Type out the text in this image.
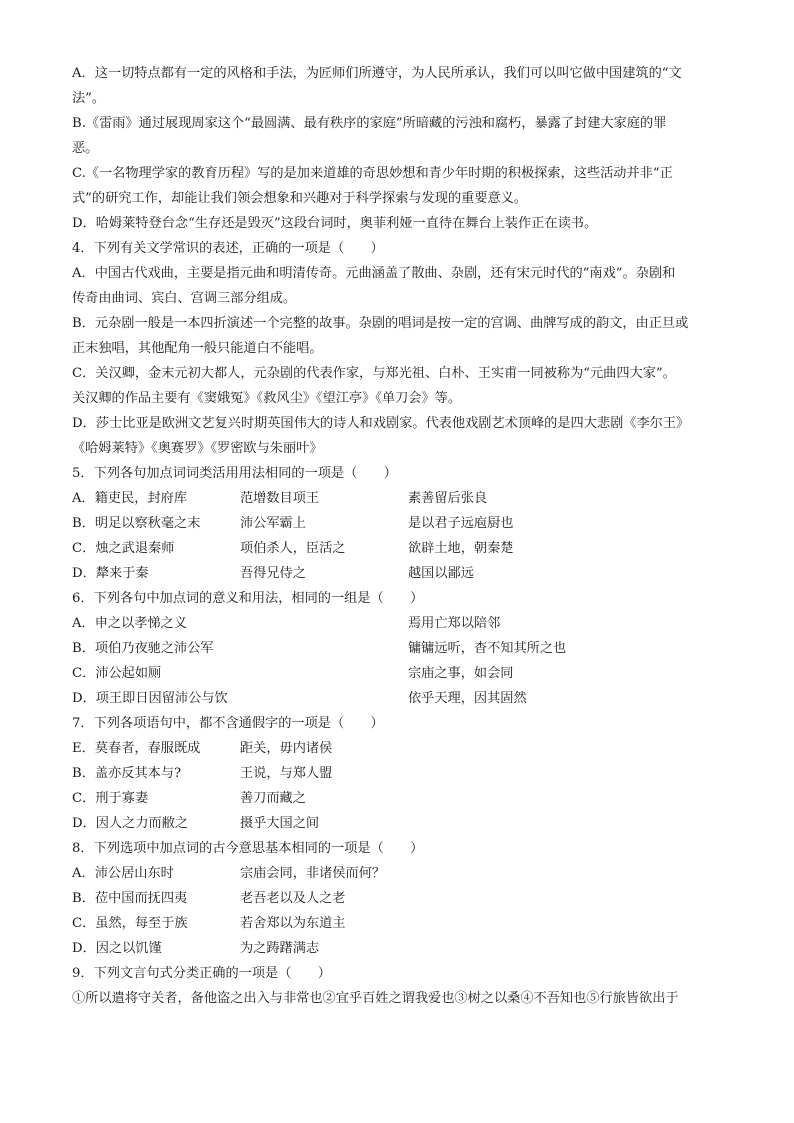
A．这一切特点都有一定的风格和手法，为匠师们所遵守，为人民所承认，我们可以叫它做中国建筑的“文
法”。
B.《雷雨》通过展现周家这个“最圆满、最有秩序的家庭”所暗藏的污浊和腐朽，暴露了封建大家庭的罪
恶。
C.《一名物理学家的教育历程》写的是加来道雄的奇思妙想和青少年时期的积极探索，这些活动并非“正
式”的研究工作，却能让我们领会想象和兴趣对于科学探索与发现的重要意义。
D．哈姆莱特登台念“生存还是毁灭”这段台词时，奥菲利娅一直待在舞台上装作正在读书。
4．下列有关文学常识的表述，正确的一项是（　　）
A．中国古代戏曲，主要是指元曲和明清传奇。元曲涵盖了散曲、杂剧，还有宋元时代的“南戏”。杂剧和
传奇由曲词、宾白、宫调三部分组成。
B．元杂剧一般是一本四折演述一个完整的故事。杂剧的唱词是按一定的宫调、曲牌写成的韵文，由正旦或
正末独唱，其他配角一般只能道白不能唱。
C．关汉卿，金末元初大都人，元杂剧的代表作家，与郑光祖、白朴、王实甫一同被称为“元曲四大家”。
关汉卿的作品主要有《窦娥冤》《救风尘》《望江亭》《单刀会》等。
D．莎士比亚是欧洲文艺复兴时期英国伟大的诗人和戏剧家。代表他戏剧艺术顶峰的是四大悲剧《李尔王》
《哈姆莱特》《奥赛罗》《罗密欧与朱丽叶》
5．下列各句加点词词类活用用法相同的一项是（　　）
A．籍吏民，封府库	范增数目项王	素善留后张良
B．明足以察秋毫之末	沛公军霸上	是以君子远庖厨也
C．烛之武退秦师	项伯杀人，臣活之	欲辟土地，朝秦楚
D．犛来于秦	吾得兄侍之	越国以鄙远
6．下列各句中加点词的意义和用法，相同的一组是（　　）
A．申之以孝悌之义	焉用亡郑以陪邻
B．项伯乃夜驰之沛公军	镛镛远听，杳不知其所之也
C．沛公起如厕	宗庙之事，如会同
D．项王即日因留沛公与饮	依乎天理，因其固然
7．下列各项语句中，都不含通假字的一项是（　　）
E．莫春者，春服既成	距关，毋内诸侯
B．盖亦反其本与?	王说，与郑人盟
C．刑于寡妻	善刀而藏之
D．因人之力而敝之	摄乎大国之间
8．下列选项中加点词的古今意思基本相同的一项是（　　）
A．沛公居山东时	宗庙会同，非诸侯而何？
B．莅中国而抚四夷	老吾老以及人之老
C．虽然，每至于族	若舍郑以为东道主
D．因之以饥馑	为之踌躇满志
9．下列文言句式分类正确的一项是（　　）
①所以遣将守关者，备他盗之出入与非常也②宜乎百姓之谓我爱也③树之以桑④不吾知也⑤行旅皆欲出于
